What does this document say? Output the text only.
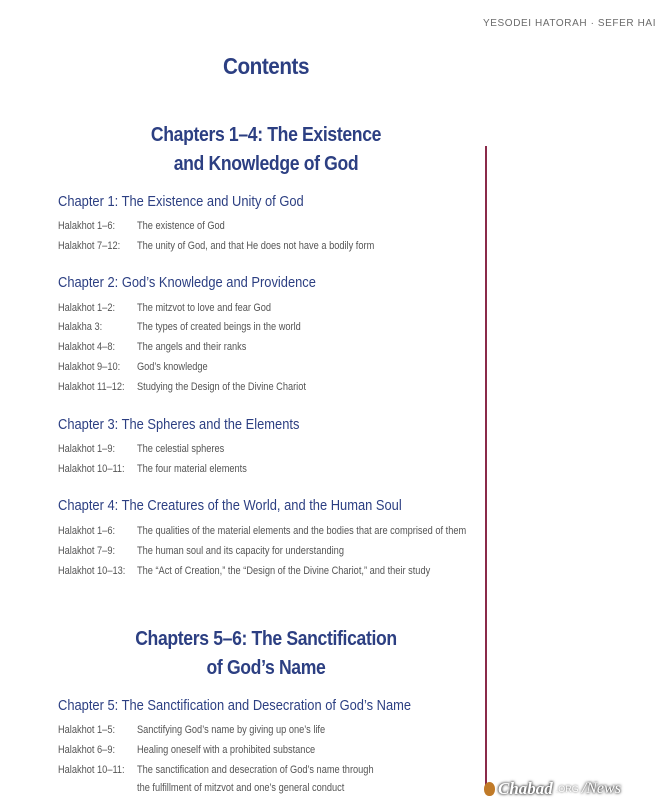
YESODEI HATORAH · SEFER HAI
Contents
Chapters 1–4: The Existence
and Knowledge of God
Chapter 1: The Existence and Unity of God
Halakhot 1–6: The existence of God
Halakhot 7–12: The unity of God, and that He does not have a bodily form
Chapter 2: God’s Knowledge and Providence
Halakhot 1–2: The mitzvot to love and fear God
Halakha 3:	The types of created beings in the world
Halakhot 4–8: The angels and their ranks
Halakhot 9–10: God’s knowledge
Halakhot 11–12: Studying the Design of the Divine Chariot
Chapter 3: The Spheres and the Elements
Halakhot 1–9: The celestial spheres
Halakhot 10–11: The four material elements
Chapter 4: The Creatures of the World, and the Human Soul
Halakhot 1–6: The qualities of the material elements and the bodies that are comprised of them
Halakhot 7–9: The human soul and its capacity for understanding
Halakhot 10–13: The “Act of Creation,” the “Design of the Divine Chariot,” and their study
Chapters 5–6: The Sanctification
of God’s Name
Chapter 5: The Sanctification and Desecration of God’s Name
Halakhot 1–5: Sanctifying God’s name by giving up one’s life
Halakhot 6–9: Healing oneself with a prohibited substance
Halakhot 10–11: The sanctification and desecration of God’s name through
the fulfillment of mitzvot and one’s general conduct	Chabad .ORG /News
